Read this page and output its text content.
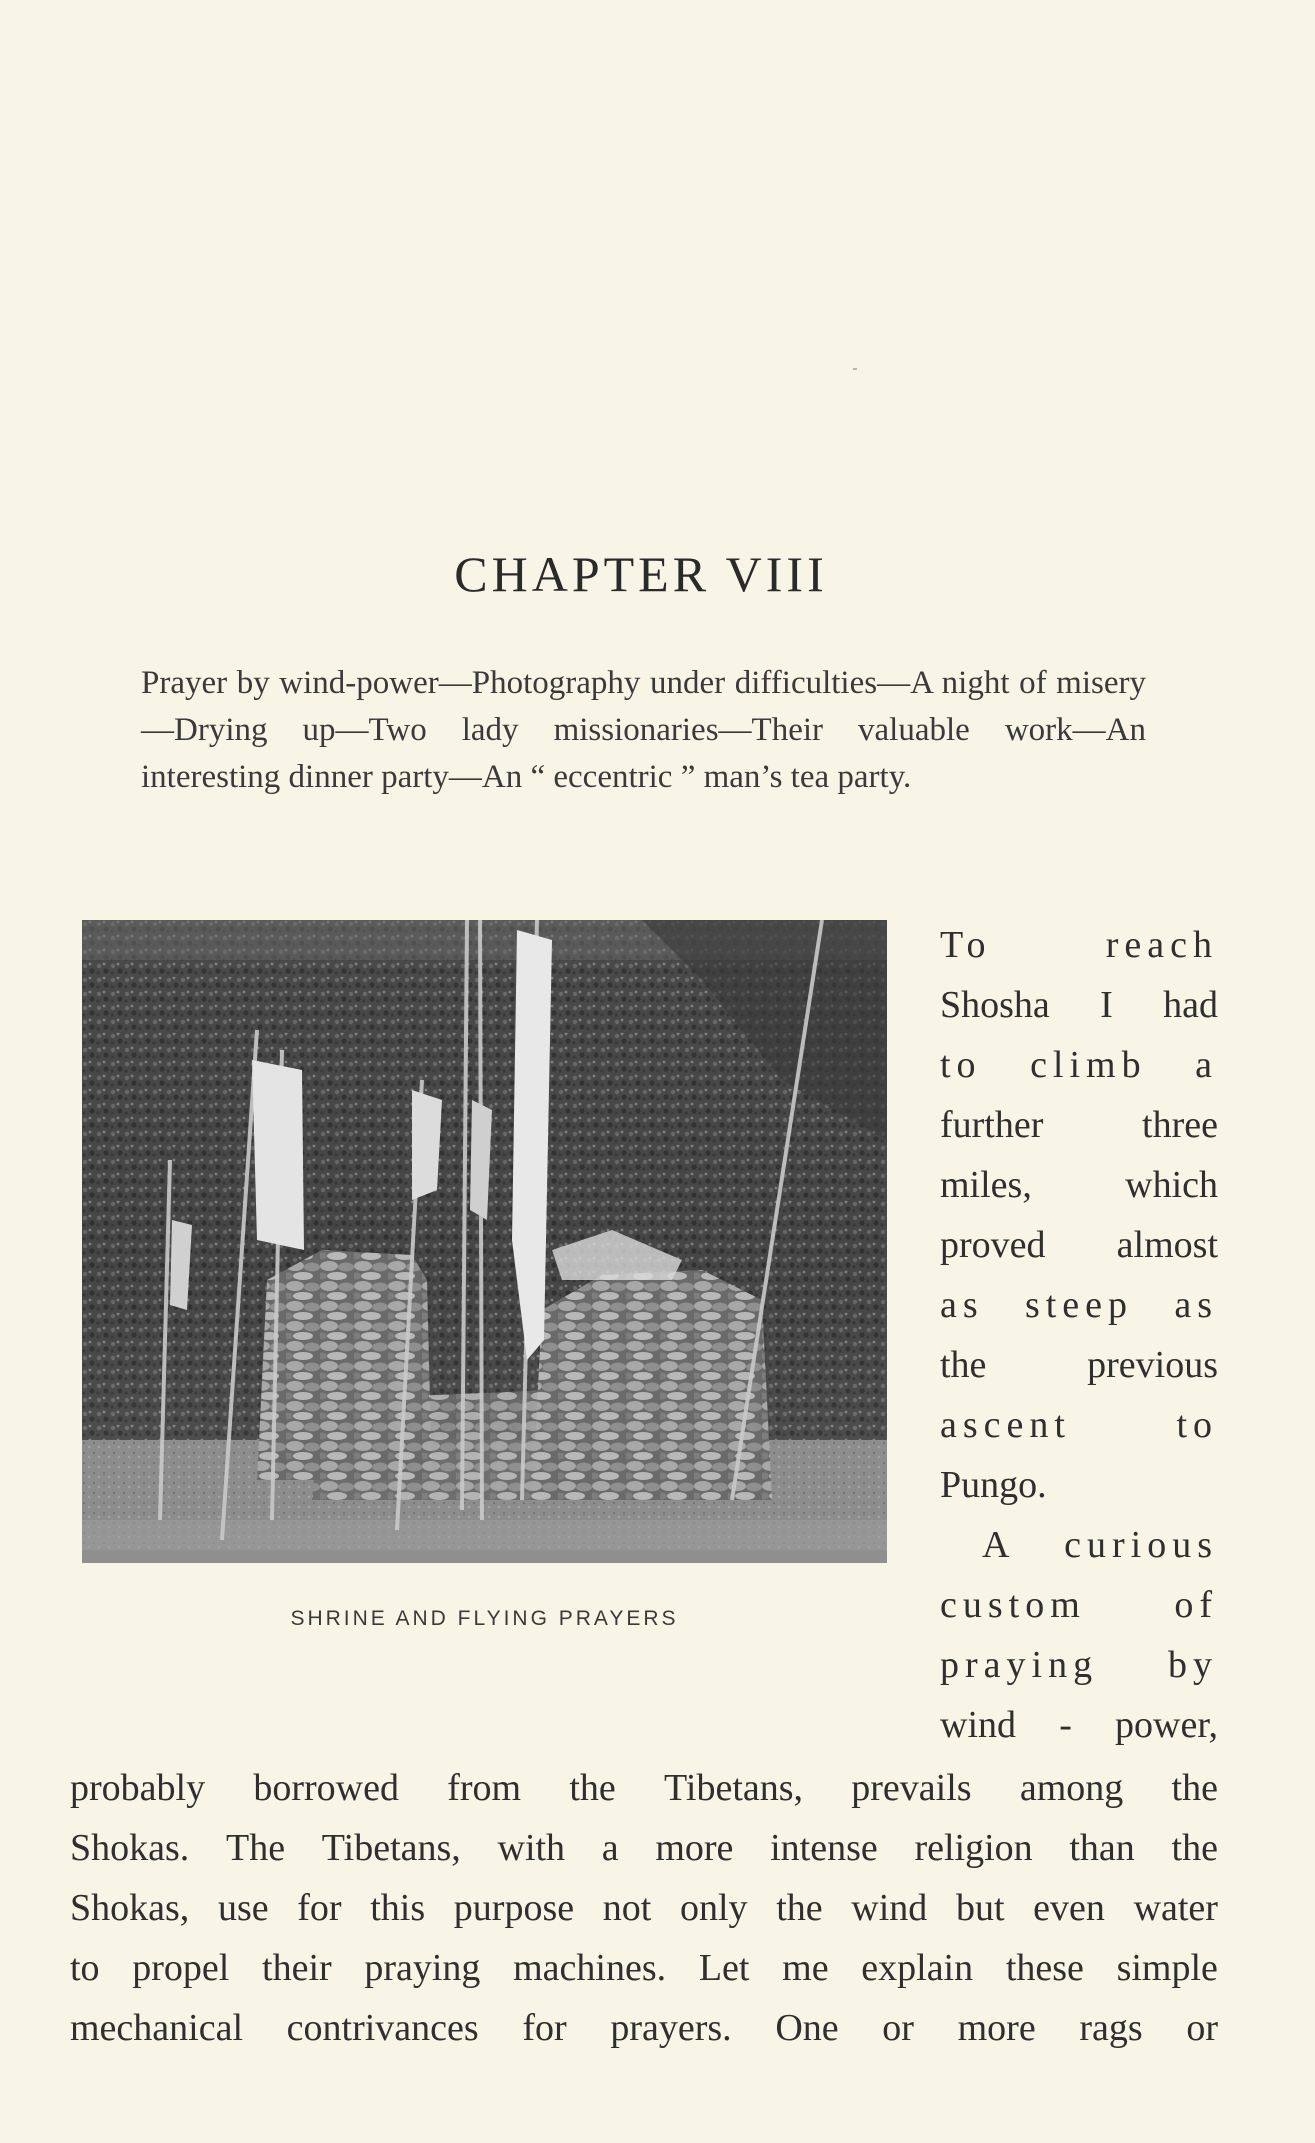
CHAPTER VIII
Prayer by wind-power—Photography under difficulties—A night of misery—Drying up—Two lady missionaries—Their valuable work—An interesting dinner party—An “ eccentric ” man’s tea party.
SHRINE AND FLYING PRAYERS
To	reach
Shosha I had
to climb a
further	three
miles, which
proved almost
as steep as
the	previous
ascent	to
Pungo.
A curious
custom of
praying by
wind - power,
probably borrowed from the Tibetans, prevails among the
Shokas. The Tibetans, with a more intense religion than the
Shokas, use for this purpose not only the wind but even water
to propel their praying machines. Let me explain these simple
mechanical contrivances for prayers. One or more rags or
